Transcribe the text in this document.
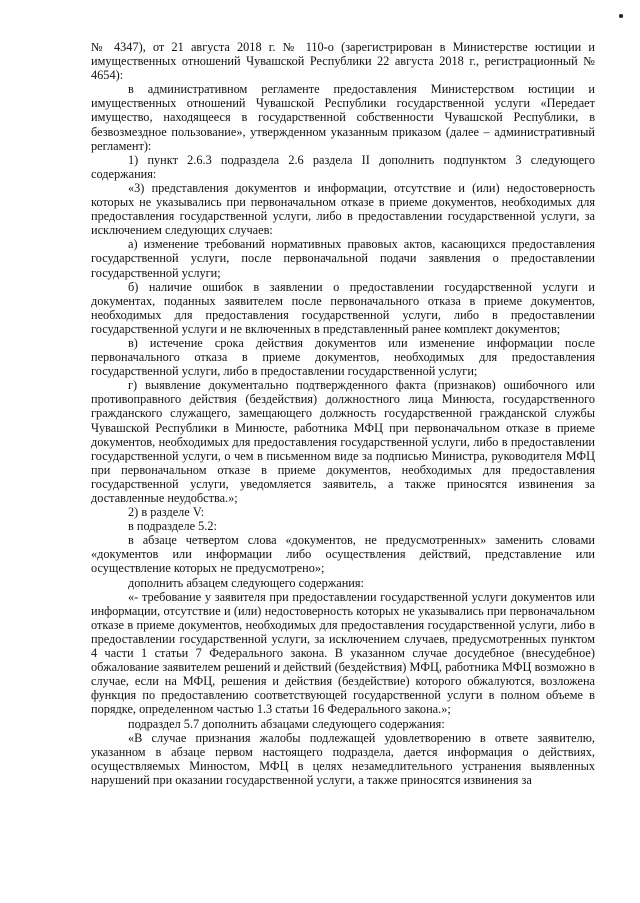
№ 4347), от 21 августа 2018 г. № 110-о (зарегистрирован в Министерстве юстиции и имущественных отношений Чувашской Республики 22 августа 2018 г., регистрационный № 4654):

в административном регламенте предоставления Министерством юстиции и имущественных отношений Чувашской Республики государственной услуги «Передает имущество, находящееся в государственной собственности Чувашской Республики, в безвозмездное пользование», утвержденном указанным приказом (далее – административный регламент):

1) пункт 2.6.3 подраздела 2.6 раздела II дополнить подпунктом 3 следующего содержания:

«3) представления документов и информации, отсутствие и (или) недостоверность которых не указывались при первоначальном отказе в приеме документов, необходимых для предоставления государственной услуги, либо в предоставлении государственной услуги, за исключением следующих случаев:

а) изменение требований нормативных правовых актов, касающихся предоставления государственной услуги, после первоначальной подачи заявления о предоставлении государственной услуги;

б) наличие ошибок в заявлении о предоставлении государственной услуги и документах, поданных заявителем после первоначального отказа в приеме документов, необходимых для предоставления государственной услуги, либо в предоставлении государственной услуги и не включенных в представленный ранее комплект документов;

в) истечение срока действия документов или изменение информации после первоначального отказа в приеме документов, необходимых для предоставления государственной услуги, либо в предоставлении государственной услуги;

г) выявление документально подтвержденного факта (признаков) ошибочного или противоправного действия (бездействия) должностного лица Минюста, государственного гражданского служащего, замещающего должность государственной гражданской службы Чувашской Республики в Минюсте, работника МФЦ при первоначальном отказе в приеме документов, необходимых для предоставления государственной услуги, либо в предоставлении государственной услуги, о чем в письменном виде за подписью Министра, руководителя МФЦ при первоначальном отказе в приеме документов, необходимых для предоставления государственной услуги, уведомляется заявитель, а также приносятся извинения за доставленные неудобства.»;

2) в разделе V:

в подразделе 5.2:

в абзаце четвертом слова «документов, не предусмотренных» заменить словами «документов или информации либо осуществления действий, представление или осуществление которых не предусмотрено»;

дополнить абзацем следующего содержания:

«- требование у заявителя при предоставлении государственной услуги документов или информации, отсутствие и (или) недостоверность которых не указывались при первоначальном отказе в приеме документов, необходимых для предоставления государственной услуги, либо в предоставлении государственной услуги, за исключением случаев, предусмотренных пунктом 4 части 1 статьи 7 Федерального закона. В указанном случае досудебное (внесудебное) обжалование заявителем решений и действий (бездействия) МФЦ, работника МФЦ возможно в случае, если на МФЦ, решения и действия (бездействие) которого обжалуются, возложена функция по предоставлению соответствующей государственной услуги в полном объеме в порядке, определенном частью 1.3 статьи 16 Федерального закона.»;

подраздел 5.7 дополнить абзацами следующего содержания:

«В случае признания жалобы подлежащей удовлетворению в ответе заявителю, указанном в абзаце первом настоящего подраздела, дается информация о действиях, осуществляемых Минюстом, МФЦ в целях незамедлительного устранения выявленных нарушений при оказании государственной услуги, а также приносятся извинения за
